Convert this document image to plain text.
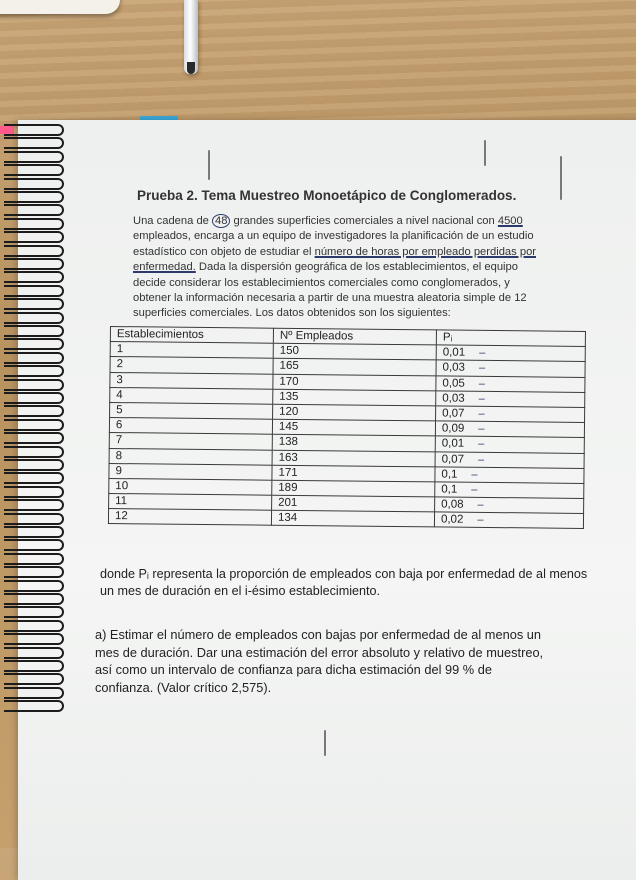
Prueba 2. Tema Muestreo Monoetápico de Conglomerados.
Una cadena de 48 grandes superficies comerciales a nivel nacional con 4500 empleados, encarga a un equipo de investigadores la planificación de un estudio estadístico con objeto de estudiar el número de horas por empleado perdidas por enfermedad. Dada la dispersión geográfica de los establecimientos, el equipo decide considerar los establecimientos comerciales como conglomerados, y obtener la información necesaria a partir de una muestra aleatoria simple de 12 superficies comerciales. Los datos obtenidos son los siguientes:
Establecimientos	Nº Empleados	Pᵢ
1	150	0,01 –
2	165	0,03 –
3	170	0,05 –
4	135	0,03 –
5	120	0,07 –
6	145	0,09 –
7	138	0,01 –
8	163	0,07 –
9	171	0,1 –
10	189	0,1 –
11	201	0,08 –
12	134	0,02 –
donde Pᵢ representa la proporción de empleados con baja por enfermedad de al menos un mes de duración en el i-ésimo establecimiento.
a) Estimar el número de empleados con bajas por enfermedad de al menos un mes de duración. Dar una estimación del error absoluto y relativo de muestreo, así como un intervalo de confianza para dicha estimación del 99 % de confianza. (Valor crítico 2,575).
